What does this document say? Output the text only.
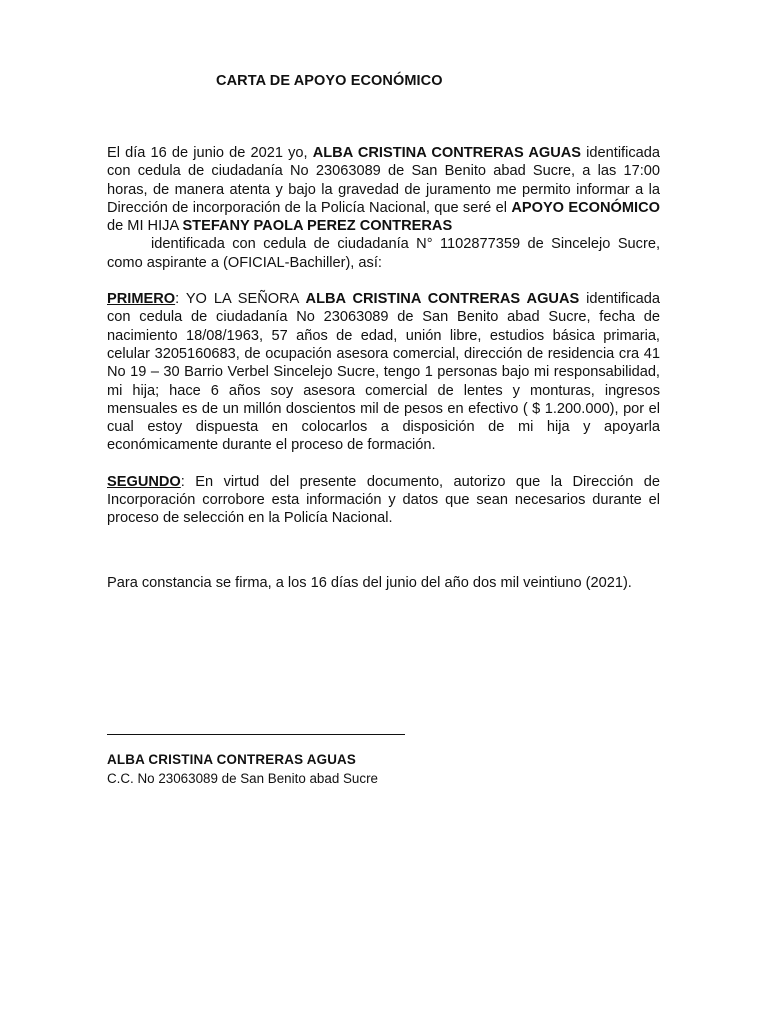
CARTA DE APOYO ECONÓMICO

El día 16 de junio de 2021 yo, ALBA CRISTINA CONTRERAS AGUAS identificada con cedula de ciudadanía No 23063089 de San Benito abad Sucre, a las 17:00 horas, de manera atenta y bajo la gravedad de juramento me permito informar a la Dirección de incorporación de la Policía Nacional, que seré el APOYO ECONÓMICO de MI HIJA STEFANY PAOLA PEREZ CONTRERAS
identificada con cedula de ciudadanía N° 1102877359 de Sincelejo Sucre, como aspirante a (OFICIAL-Bachiller), así:

PRIMERO: YO LA SEÑORA ALBA CRISTINA CONTRERAS AGUAS identificada con cedula de ciudadanía No 23063089 de San Benito abad Sucre, fecha de nacimiento 18/08/1963, 57 años de edad, unión libre, estudios básica primaria, celular 3205160683, de ocupación asesora comercial, dirección de residencia cra 41 No 19 – 30 Barrio Verbel Sincelejo Sucre, tengo 1 personas bajo mi responsabilidad, mi hija; hace 6 años soy asesora comercial de lentes y monturas, ingresos mensuales es de un millón doscientos mil de pesos en efectivo ( $ 1.200.000), por el cual estoy dispuesta en colocarlos a disposición de mi hija y apoyarla económicamente durante el proceso de formación.

SEGUNDO: En virtud del presente documento, autorizo que la Dirección de Incorporación corrobore esta información y datos que sean necesarios durante el proceso de selección en la Policía Nacional.

Para constancia se firma, a los 16 días del junio del año dos mil veintiuno (2021).
ALBA CRISTINA CONTRERAS AGUAS
C.C. No 23063089 de San Benito abad Sucre
